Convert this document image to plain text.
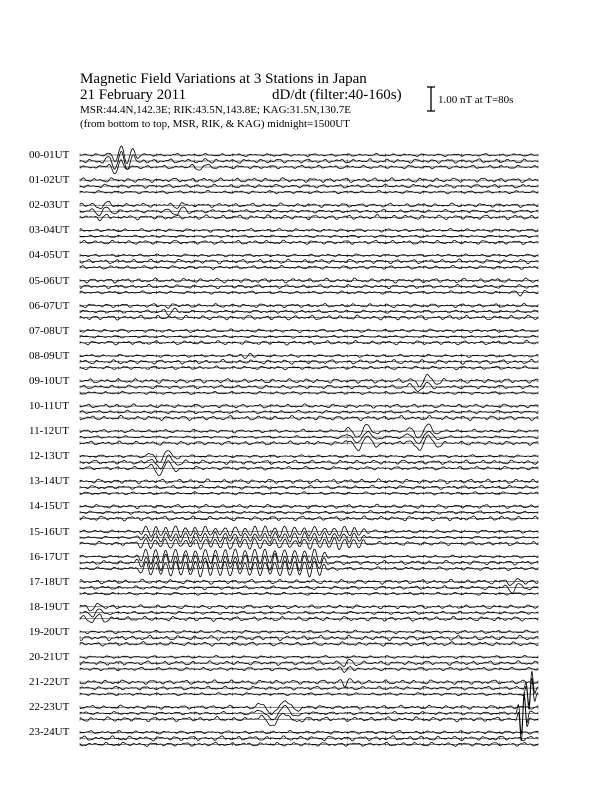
Magnetic Field Variations at 3 Stations in Japan
21 February 2011	dD/dt (filter:40-160s)
MSR:44.4N,142.3E; RIK:43.5N,143.8E; KAG:31.5N,130.7E
(from bottom to top, MSR, RIK, & KAG) midnight=1500UT
1.00 nT at T=80s
00-01UT
01-02UT
02-03UT
03-04UT
04-05UT
05-06UT
06-07UT
07-08UT
08-09UT
09-10UT
10-11UT
11-12UT
12-13UT
13-14UT
14-15UT
15-16UT
16-17UT
17-18UT
18-19UT
19-20UT
20-21UT
21-22UT
22-23UT
23-24UT
